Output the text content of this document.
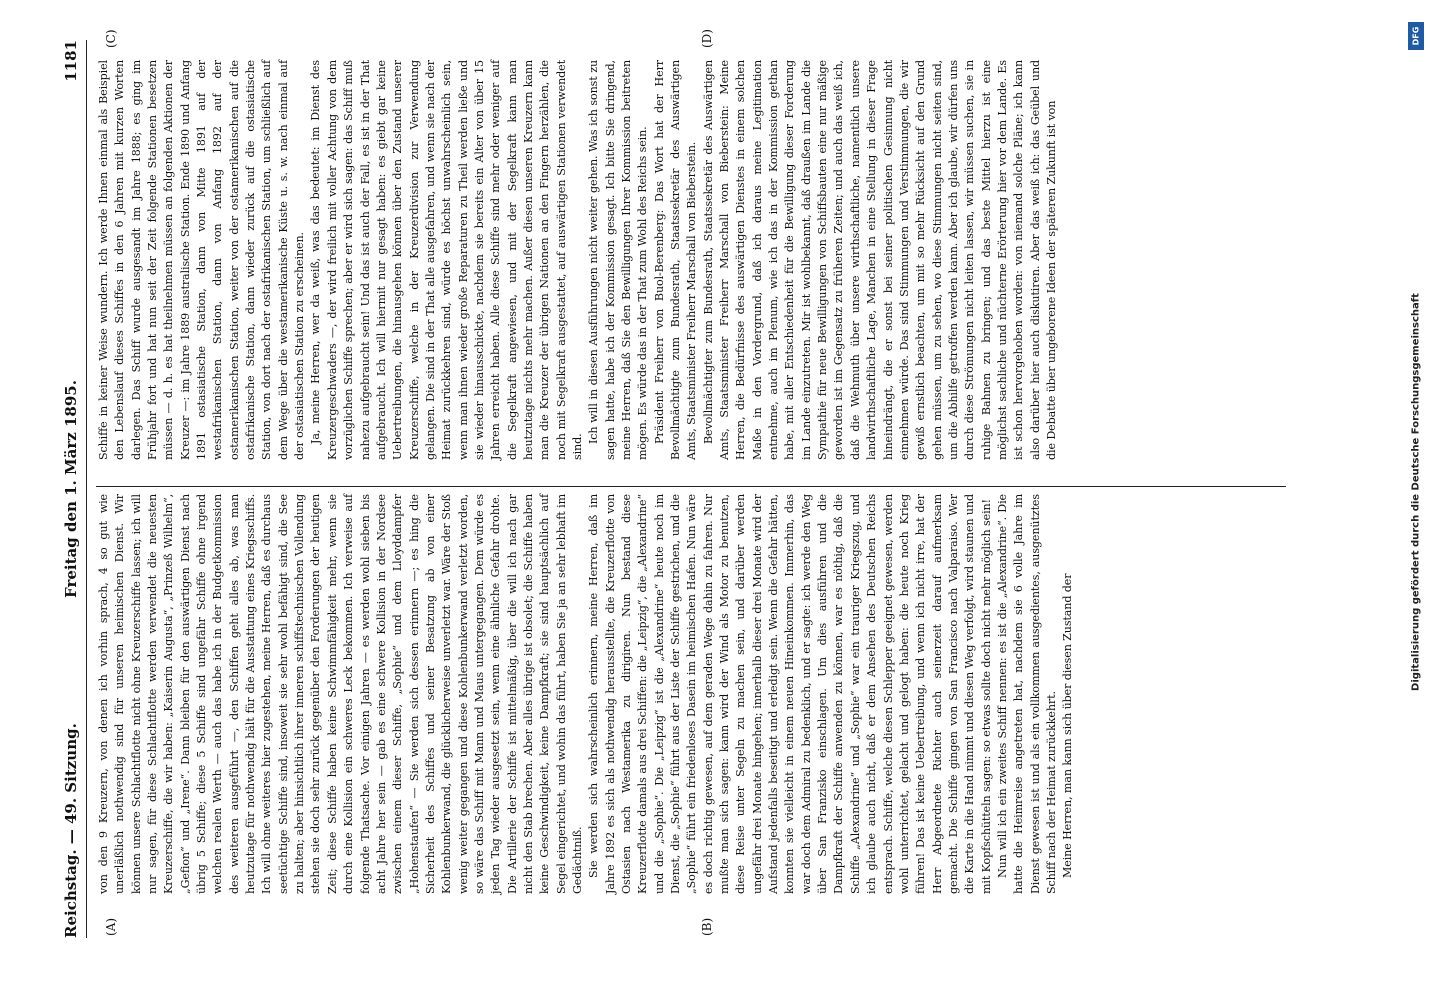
Reichstag. — 49. Sitzung.
Freitag den 1. März 1895.
1181
(A)	(B)
(C)	(D)

von den 9 Kreuzern, von denen ich vorhin sprach, 4 so gut wie unerläßlich nothwendig sind für unseren heimischen Dienst. Wir können unsere Schlachtflotte nicht ohne Kreuzerschiffe lassen; ich will nur sagen, für diese Schlachtflotte werden verwendet die neuesten Kreuzerschiffe, die wir haben: „Kaiserin Augusta“, „Prinzeß Wilhelm“, „Gefion“ und „Irene“. Dann bleiben für den auswärtigen Dienst nach übrig 5 Schiffe; diese 5 Schiffe sind ungefähr Schiffe ohne irgend welchen realen Werth — auch das habe ich in der Budgetkommission des weiteren ausgeführt —, den Schiffen geht alles ab, was man heutzutage für nothwendig hält für die Ausstattung eines Kriegsschiffs. Ich will ohne weiteres hier zugestehen, meine Herren, daß es durchaus seetüchtige Schiffe sind, insoweit sie sehr wohl befähigt sind, die See zu halten; aber hinsichtlich ihrer inneren schiffstechnischen Vollendung stehen sie doch sehr zurück gegenüber den Forderungen der heutigen Zeit; diese Schiffe haben keine Schwimmfähigkeit mehr, wenn sie durch eine Kollision ein schweres Leck bekommen. Ich verweise auf folgende Thatsache. Vor einigen Jahren — es werden wohl sieben bis acht Jahre her sein — gab es eine schwere Kollision in der Nordsee zwischen einem dieser Schiffe, „Sophie“ und dem Lloyddampfer „Hohenstaufen“ — Sie werden sich dessen erinnern —; es hing die Sicherheit des Schiffes und seiner Besatzung ab von einer Kohlenbunkerwand, die glücklicherweise unverletzt war. Wäre der Stoß wenig weiter gegangen und diese Kohlenbunkerwand verletzt worden, so wäre das Schiff mit Mann und Maus untergegangen. Dem würde es jeden Tag wieder ausgesetzt sein, wenn eine ähnliche Gefahr drohte. Die Artillerie der Schiffe ist mittelmäßig, über die will ich nach gar nicht den Stab brechen. Aber alles übrige ist obsolet; die Schiffe haben keine Geschwindigkeit, keine Dampfkraft; sie sind hauptsächlich auf Segel eingerichtet, und wohin das führt, haben Sie ja an sehr lebhaft im Gedächtniß. Sie werden sich wahrscheinlich erinnern, meine Herren, daß im Jahre 1892 es sich als nothwendig herausstellte, die Kreuzerflotte von Ostasien nach Westamerika zu dirigiren. Nun bestand diese Kreuzerflotte damals aus drei Schiffen: die „Leipzig“, die „Alexandrine“ und die „Sophie“. Die „Leipzig“ ist die „Alexandrine“ heute noch im Dienst, die „Sophie“ führt aus der Liste der Schiffe gestrichen, und die „Sophie“ führt ein friedenloses Dasein im heimischen Hafen. Nun wäre es doch richtig gewesen, auf dem geraden Wege dahin zu fahren. Nur mußte man sich sagen: kann wird der Wind als Motor zu benutzen, diese Reise unter Segeln zu machen sein, und darüber werden ungefähr drei Monate hingehen; innerhalb dieser drei Monate wird der Aufstand jedenfalls beseitigt und erledigt sein. Wenn die Gefahr hätten, konnten sie vielleicht in einem neuen Hineinkommen. Immerhin, das war doch dem Admiral zu bedenklich, und er sagte: ich werde den Weg über San Franzisko einschlagen. Um dies ausführen und die Dampfkraft der Schiffe anwenden zu können, war es nöthig, daß die Schiffe „Alexandrine“ und „Sophie“ war ein trauriger Kriegszug, und ich glaube auch nicht, daß er dem Ansehen des Deutschen Reichs entsprach. Schiffe, welche diesen Schlepper geeignet gewesen, werden wohl unterrichtet, gelacht und gelogt haben: die heute noch Krieg führen! Das ist keine Uebertreibung, und wenn ich nicht irre, hat der Herr Abgeordnete Richter auch seinerzeit darauf aufmerksam gemacht. Die Schiffe gingen von San Francisco nach Valparaiso. Wer die Karte in die Hand nimmt und diesen Weg verfolgt, wird staunen und mit Kopfschütteln sagen: so etwas sollte doch nicht mehr möglich sein! Nun will ich ein zweites Schiff nennen: es ist die „Alexandrine“. Die hatte die Heimreise angetreten hat, nachdem sie 6 volle Jahre im Dienst gewesen ist und als ein vollkommen ausgedientes, ausgenütztes Schiff nach der Heimat zurückkehrt. Meine Herren, man kann sich über diesen Zustand der

Schiffe in keiner Weise wundern. Ich werde Ihnen einmal als Beispiel den Lebenslauf dieses Schiffes in den 6 Jahren mit kurzen Worten darlegen. Das Schiff wurde ausgesandt im Jahre 1888; es ging im Frühjahr fort und hat nun seit der Zeit folgende Stationen besetzen müssen — d. h. es hat theilnehmen müssen an folgenden Aktionen der Kreuzer —: im Jahre 1889 australische Station. Ende 1890 und Anfang 1891 ostasiatische Station, dann von Mitte 1891 auf der westafrikanischen Station, dann von Anfang 1892 auf der ostamerikanischen Station, weiter von der ostamerikanischen auf die ostafrikanische Station, dann wieder zurück auf die ostasiatische Station, von dort nach der ostafrikanischen Station, um schließlich auf dem Wege über die westamerikanische Küste u. s. w. nach einmal auf der ostasiatischen Station zu erscheinen. Ja, meine Herren, wer da weiß, was das bedeutet: im Dienst des Kreuzergeschwaders —, der wird freilich mit voller Achtung von dem vorzüglichen Schiffe sprechen; aber er wird sich sagen: das Schiff muß nahezu aufgebraucht sein! Und das ist auch der Fall, es ist in der That aufgebraucht. Ich will hiermit nur gesagt haben: es giebt gar keine Uebertreibungen, die hinausgehen können über den Zustand unserer Kreuzerschiffe, welche in der Kreuzerdivision zur Verwendung gelangen. Die sind in der That alle ausgefahren, und wenn sie nach der Heimat zurückkehren sind, würde es höchst unwahrscheinlich sein, wenn man ihnen wieder große Reparaturen zu Theil werden ließe und sie wieder hinausschickte, nachdem sie bereits ein Alter von über 15 Jahren erreicht haben. Alle diese Schiffe sind mehr oder weniger auf die Segelkraft angewiesen, und mit der Segelkraft kann man heutzutage nichts mehr machen. Außer diesen unseren Kreuzern kann man die Kreuzer der übrigen Nationen an den Fingern herzählen, die noch mit Segelkraft ausgestattet, auf auswärtigen Stationen verwendet sind.

Ich will in diesen Ausführungen nicht weiter gehen. Was ich sonst zu sagen hatte, habe ich der Kommission gesagt. Ich bitte Sie dringend, meine Herren, daß Sie den Bewilligungen Ihrer Kommission beitreten mögen. Es würde das in der That zum Wohl des Reichs sein. Präsident Freiherr von Buol-Berenberg: Das Wort hat der Herr Bevollmächtigte zum Bundesrath, Staatssekretär des Auswärtigen Amts, Staatsminister Freiherr Marschall von Bieberstein. Bevollmächtigter zum Bundesrath, Staatssekretär des Auswärtigen Amts, Staatsminister Freiherr Marschall von Bieberstein: Meine Herren, die Bedürfnisse des auswärtigen Dienstes in einem solchen Maße in den Vordergrund, daß ich daraus meine Legitimation entnehme, auch im Plenum, wie ich das in der Kommission gethan habe, mit aller Entschiedenheit für die Bewilligung dieser Forderung im Lande einzutreten. Mir ist wohlbekannt, daß draußen im Lande die Sympathie für neue Bewilligungen von Schiffsbauten eine nur mäßige geworden ist im Gegensatz zu früheren Zeiten; und auch das weiß ich, daß die Wehmuth über unsere wirthschaftliche, namentlich unsere landwirthschaftliche Lage, Manchen in eine Stellung in dieser Frage hineindrängt, die er sonst bei seiner politischen Gesinnung nicht einnehmen würde. Das sind Stimmungen und Verstimmungen, die wir gewiß ernstlich beachten, um mit so mehr Rücksicht auf den Grund gehen müssen, um zu sehen, wo diese Stimmungen nicht seiten sind, um die Abhilfe getroffen werden kann. Aber ich glaube, wir dürfen uns durch diese Strömungen nicht leiten lassen, wir müssen suchen, sie in ruhige Bahnen zu bringen; und das beste Mittel hierzu ist eine möglichst sachliche und nüchterne Erörterung hier vor dem Lande. Es ist schon hervorgehoben worden: von niemand solche Pläne; ich kann also darüber hier auch diskutiren. Aber das weiß ich: das Geübel und die Debatte über ungeborene Ideen der späteren Zukunft ist von

DFG
Digitalisierung gefördert durch die Deutsche Forschungsgemeinschaft
